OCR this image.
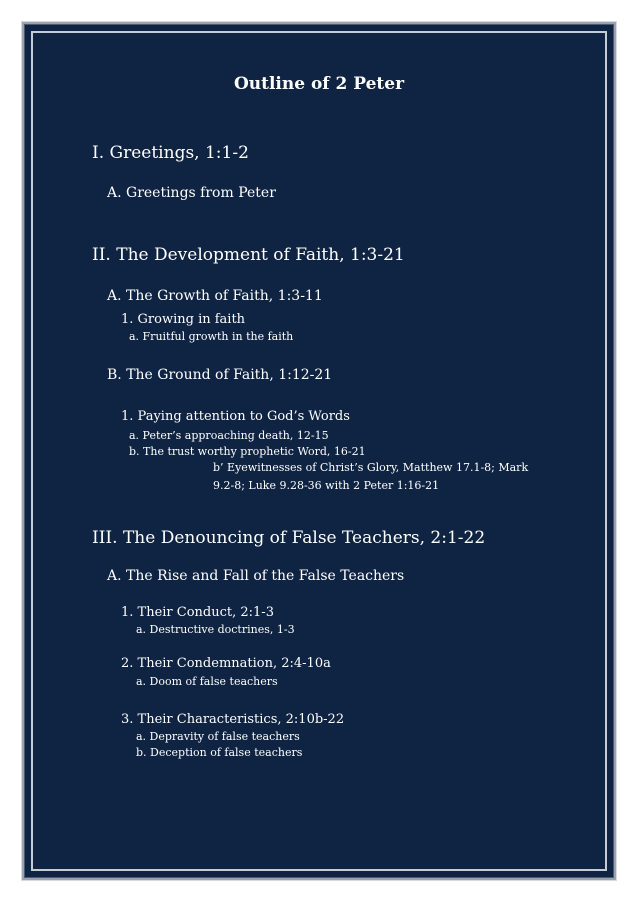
Outline of 2 Peter
I. Greetings, 1:1-2
A. Greetings from Peter
II. The Development of Faith, 1:3-21
A. The Growth of Faith, 1:3-11
1. Growing in faith
a. Fruitful growth in the faith
B. The Ground of Faith, 1:12-21
1. Paying attention to God’s Words
a. Peter’s approaching death, 12-15
b. The trust worthy prophetic Word, 16-21
b’ Eyewitnesses of Christ’s Glory, Matthew 17.1-8; Mark
9.2-8; Luke 9.28-36 with 2 Peter 1:16-21
III. The Denouncing of False Teachers, 2:1-22
A. The Rise and Fall of the False Teachers
1. Their Conduct, 2:1-3
a. Destructive doctrines, 1-3
2. Their Condemnation, 2:4-10a
a. Doom of false teachers
3. Their Characteristics, 2:10b-22
a. Depravity of false teachers
b. Deception of false teachers
